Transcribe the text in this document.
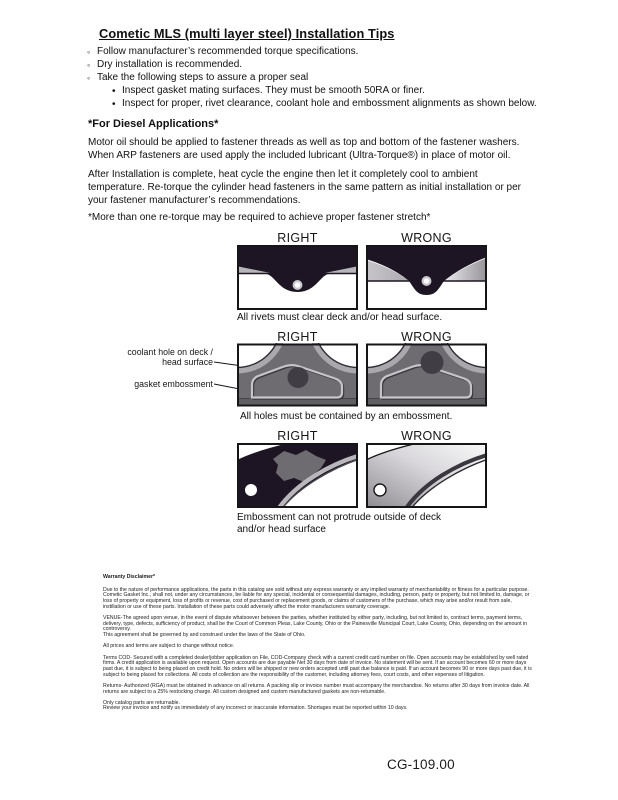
Cometic MLS (multi layer steel) Installation Tips
◦ Follow manufacturer’s recommended torque specifications.
◦ Dry installation is recommended.
◦ Take the following steps to assure a proper seal
• Inspect gasket mating surfaces. They must be smooth 50RA or finer.
• Inspect for proper, rivet clearance, coolant hole and embossment alignments as shown below.
*For Diesel Applications*
Motor oil should be applied to fastener threads as well as top and bottom of the fastener washers. When ARP fasteners are used apply the included lubricant (Ultra-Torque®) in place of motor oil.
After Installation is complete, heat cycle the engine then let it completely cool to ambient temperature. Re-torque the cylinder head fasteners in the same pattern as initial installation or per your fastener manufacturer’s recommendations.
*More than one re-torque may be required to achieve proper fastener stretch*
RIGHT	WRONG
All rivets must clear deck and/or head surface.
RIGHT	WRONG
coolant hole on deck / head surface
gasket embossment
All holes must be contained by an embossment.
RIGHT	WRONG
Embossment can not protrude outside of deck and/or head surface
Warranty Disclaimer*

Due to the nature of performance applications, the parts in this catalog are sold without any express warranty or any implied warranty of merchantability or fitness for a particular purpose. Cometic Gasket Inc., shall not, under any circumstances, be liable for any special, incidental or consequential damages, including, person, party or property, but not limited to, damage, or loss of property or equipment, loss of profits or revenue, cost of purchased or replacement goods, or claims of customers of the purchase, which may arise and/or result from sale, instillation or use of these parts. Installation of these parts could adversely affect the motor manufacturers warranty coverage.

VENUE-The agreed upon venue, in the event of dispute whatsoever between the parties, whether instituted by either party, including, but not limited to, contract terms, payment terms, delivery, type, defects, sufficiency of product, shall be the Court of Common Pleas, Lake County, Ohio or the Painesville Municipal Court, Lake County, Ohio, depending on the amount in controversy.

This agreement shall be governed by and construed under the laws of the State of Ohio.

All prices and terms are subject to change without notice.

Terms COD- Secured with a completed dealer/jobber application on File, COD-Company check with a current credit card number on file. Open accounts may be established by well rated firms. A credit application is available upon request. Open accounts are due payable Net 30 days from date of invoice. No statement will be sent. If an account becomes 60 or more days past due, it is subject to being placed on credit hold. No orders will be shipped or new orders accepted until past due balance is paid. If an account becomes 90 or more days past due, it is subject to being placed for collections. All costs of collection are the responsibility of the customer, including attorney fees, court costs, and other expenses of litigation.

Returns- Authorized (RGA) must be obtained in advance on all returns. A packing slip or invoice number must accompany the merchandise. No returns after 30 days from invoice date. All returns are subject to a 25% restocking charge. All custom designed and custom manufactured gaskets are non-returnable.

Only catalog parts are returnable.

Review your invoice and notify us immediately of any incorrect or inaccurate information. Shortages must be reported within 10 days.

CG-109.00
